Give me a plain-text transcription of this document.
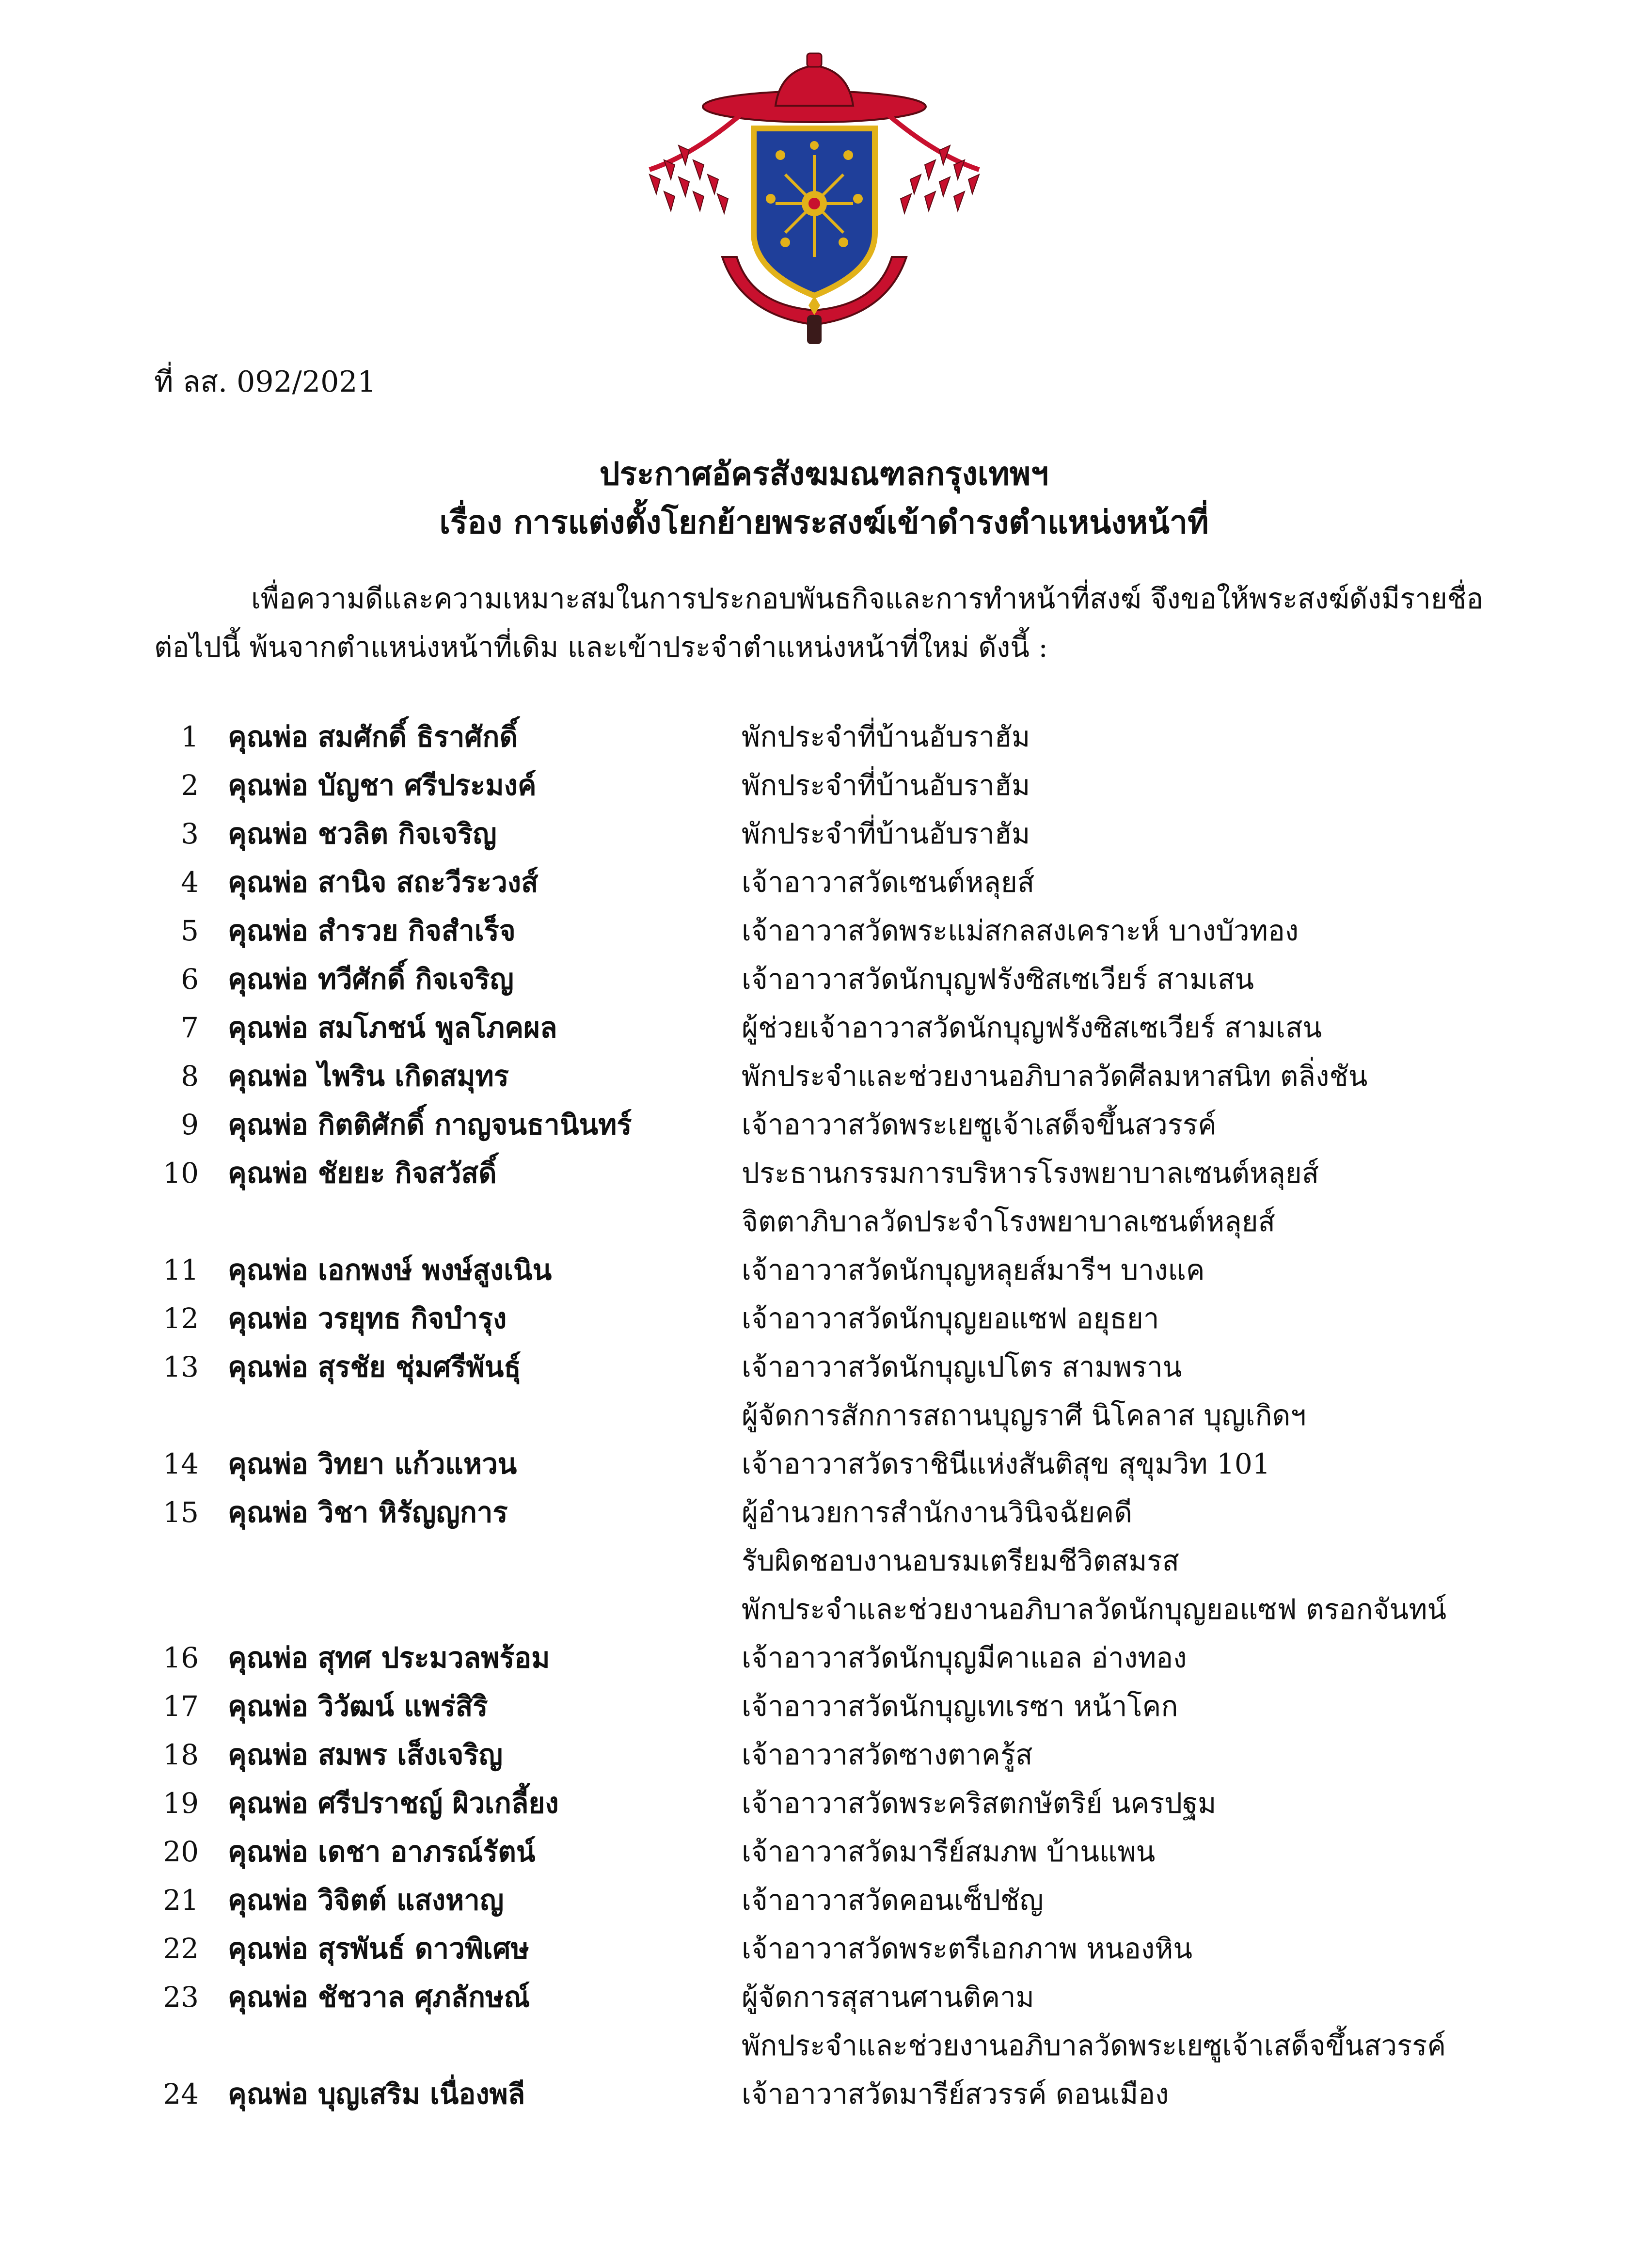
ที่ ลส. 092/2021
ประกาศอัครสังฆมณฑลกรุงเทพฯ
เรื่อง การแต่งตั้งโยกย้ายพระสงฆ์เข้าดำรงตำแหน่งหน้าที่

เพื่อความดีและความเหมาะสมในการประกอบพันธกิจและการทำหน้าที่สงฆ์ จึงขอให้พระสงฆ์ดังมีรายชื่อ

ต่อไปนี้ พ้นจากตำแหน่งหน้าที่เดิม และเข้าประจำตำแหน่งหน้าที่ใหม่ ดังนี้ :

1 คุณพ่อ สมศักดิ์ ธิราศักดิ์	พักประจำที่บ้านอับราฮัม
2 คุณพ่อ บัญชา ศรีประมงค์	พักประจำที่บ้านอับราฮัม
3 คุณพ่อ ชวลิต กิจเจริญ	พักประจำที่บ้านอับราฮัม
4 คุณพ่อ สานิจ สถะวีระวงส์	เจ้าอาวาสวัดเซนต์หลุยส์
5 คุณพ่อ สำรวย กิจสำเร็จ	เจ้าอาวาสวัดพระแม่สกลสงเคราะห์ บางบัวทอง
6 คุณพ่อ ทวีศักดิ์ กิจเจริญ	เจ้าอาวาสวัดนักบุญฟรังซิสเซเวียร์ สามเสน
7 คุณพ่อ สมโภชน์ พูลโภคผล	ผู้ช่วยเจ้าอาวาสวัดนักบุญฟรังซิสเซเวียร์ สามเสน
8 คุณพ่อ ไพริน เกิดสมุทร	พักประจำและช่วยงานอภิบาลวัดศีลมหาสนิท ตลิ่งชัน
9 คุณพ่อ กิตติศักดิ์ กาญจนธานินทร์	เจ้าอาวาสวัดพระเยซูเจ้าเสด็จขึ้นสวรรค์
10 คุณพ่อ ชัยยะ กิจสวัสดิ์	ประธานกรรมการบริหารโรงพยาบาลเซนต์หลุยส์
จิตตาภิบาลวัดประจำโรงพยาบาลเซนต์หลุยส์
11 คุณพ่อ เอกพงษ์ พงษ์สูงเนิน	เจ้าอาวาสวัดนักบุญหลุยส์มารีฯ บางแค
12 คุณพ่อ วรยุทธ กิจบำรุง	เจ้าอาวาสวัดนักบุญยอแซฟ อยุธยา
13 คุณพ่อ สุรชัย ชุ่มศรีพันธุ์	เจ้าอาวาสวัดนักบุญเปโตร สามพราน
ผู้จัดการสักการสถานบุญราศี นิโคลาส บุญเกิดฯ
14 คุณพ่อ วิทยา แก้วแหวน	เจ้าอาวาสวัดราชินีแห่งสันติสุข สุขุมวิท 101
15 คุณพ่อ วิชา หิรัญญการ	ผู้อำนวยการสำนักงานวินิจฉัยคดี
รับผิดชอบงานอบรมเตรียมชีวิตสมรส
พักประจำและช่วยงานอภิบาลวัดนักบุญยอแซฟ ตรอกจันทน์
16 คุณพ่อ สุทศ ประมวลพร้อม	เจ้าอาวาสวัดนักบุญมีคาแอล อ่างทอง
17 คุณพ่อ วิวัฒน์ แพร่สิริ	เจ้าอาวาสวัดนักบุญเทเรซา หน้าโคก
18 คุณพ่อ สมพร เส็งเจริญ	เจ้าอาวาสวัดซางตาครู้ส
19 คุณพ่อ ศรีปราชญ์ ผิวเกลี้ยง	เจ้าอาวาสวัดพระคริสตกษัตริย์ นครปฐม
20 คุณพ่อ เดชา อาภรณ์รัตน์	เจ้าอาวาสวัดมารีย์สมภพ บ้านแพน
21 คุณพ่อ วิจิตต์ แสงหาญ	เจ้าอาวาสวัดคอนเซ็ปชัญ
22 คุณพ่อ สุรพันธ์ ดาวพิเศษ	เจ้าอาวาสวัดพระตรีเอกภาพ หนองหิน
23 คุณพ่อ ชัชวาล ศุภลักษณ์	ผู้จัดการสุสานศานติคาม
พักประจำและช่วยงานอภิบาลวัดพระเยซูเจ้าเสด็จขึ้นสวรรค์
24 คุณพ่อ บุญเสริม เนื่องพลี	เจ้าอาวาสวัดมารีย์สวรรค์ ดอนเมือง
